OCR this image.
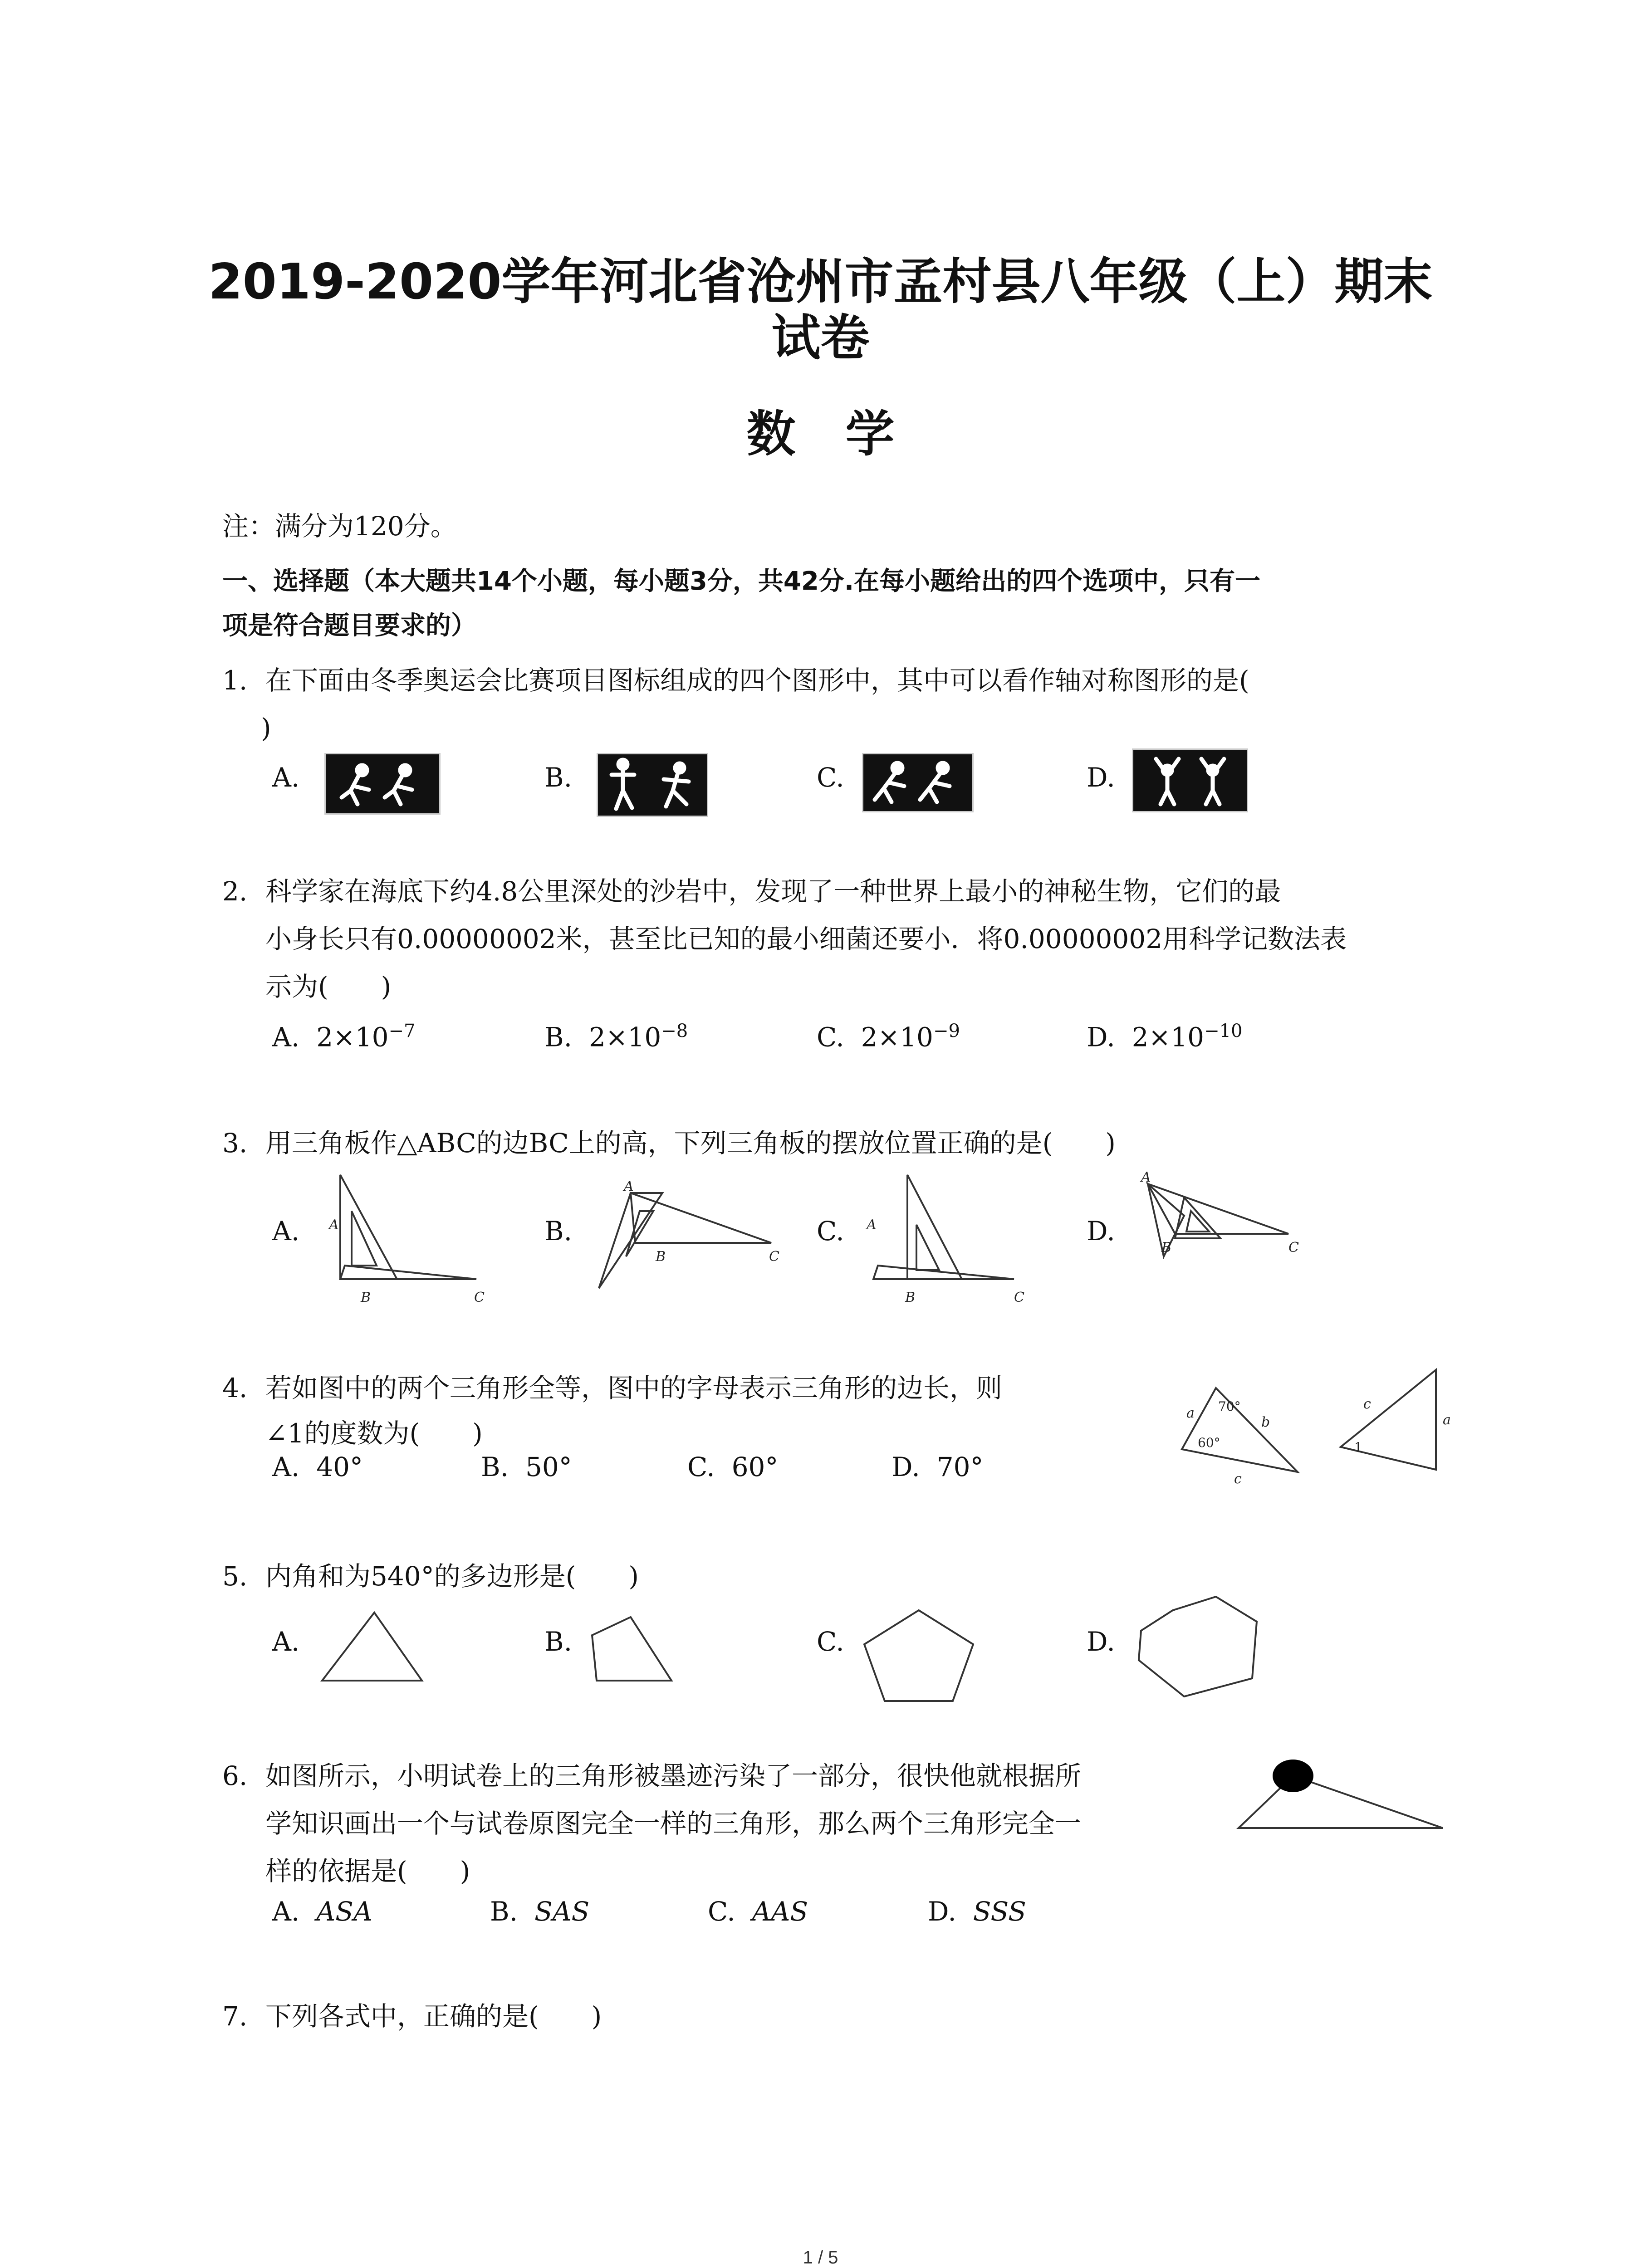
2019-2020学年河北省沧州市孟村县八年级（上）期末
试卷
数学
注：满分为120分。
一、选择题（本大题共14个小题，每小题3分，共42分.在每小题给出的四个选项中，只有一
项是符合题目要求的）
1. 在下面由冬季奥运会比赛项目图标组成的四个图形中，其中可以看作轴对称图形的是(
)
A.	B.	C.	D.
2. 科学家在海底下约4.8公里深处的沙岩中，发现了一种世界上最小的神秘生物，它们的最
小身长只有0.00000002米，甚至比已知的最小细菌还要小．将0.00000002用科学记数法表
示为(　　)
A. $2\times 10^{-7}$	B. $2\times 10^{-8}$	C. $2\times 10^{-9}$	D. $2\times 10^{-10}$
3. 用三角板作△ABC的边BC上的高，下列三角板的摆放位置正确的是(　　)
A. A
B	C
B.
A
B	C
C. A
B	C
D.
A
B	C
4. 若如图中的两个三角形全等，图中的字母表示三角形的边长，则
∠1的度数为(　　)
A. 40°	B. 50°	C. 60°	D. 70°
a
b
c
c
a
70°
60°	1
5. 内角和为540°的多边形是(　　)
A.	B.	C.	D.
6. 如图所示，小明试卷上的三角形被墨迹污染了一部分，很快他就根据所
学知识画出一个与试卷原图完全一样的三角形，那么两个三角形完全一
样的依据是(　　)
A. ASA	B. SAS	C. AAS	D. SSS
7. 下列各式中，正确的是(　　)
1 / 5
